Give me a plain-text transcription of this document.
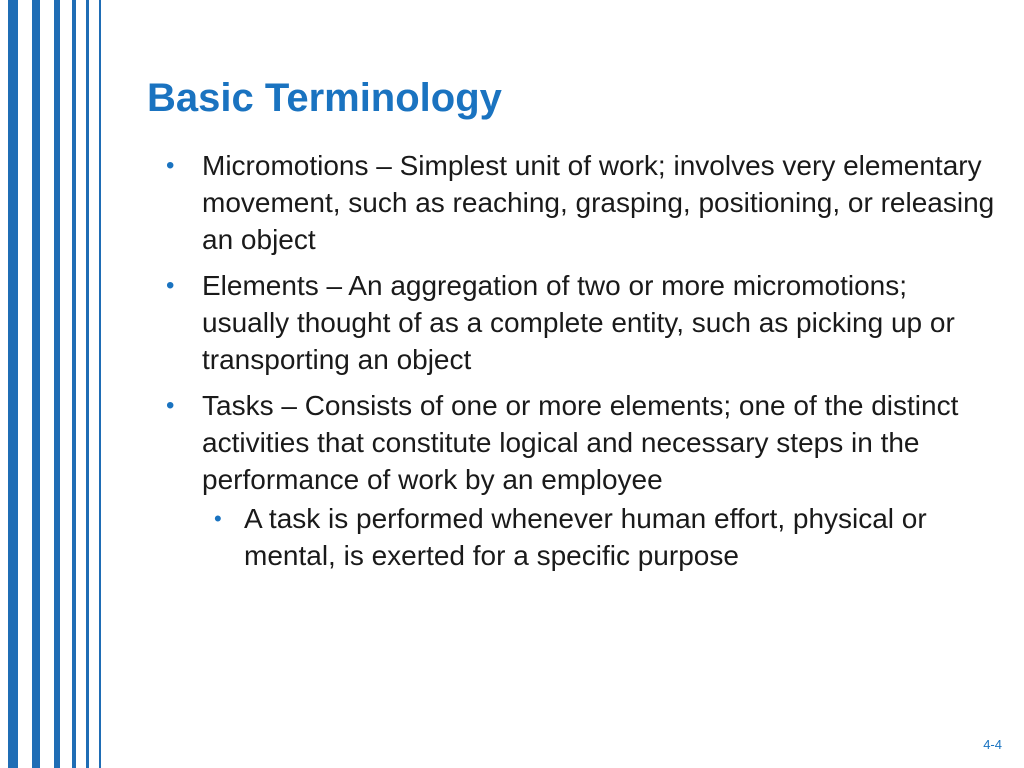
Basic Terminology
• Micromotions – Simplest unit of work; involves very elementary movement, such as reaching, grasping, positioning, or releasing an object
• Elements – An aggregation of two or more micromotions; usually thought of as a complete entity, such as picking up or transporting an object
• Tasks – Consists of one or more elements; one of the distinct activities that constitute logical and necessary steps in the performance of work by an employee
• A task is performed whenever human effort, physical or mental, is exerted for a specific purpose
4-4
